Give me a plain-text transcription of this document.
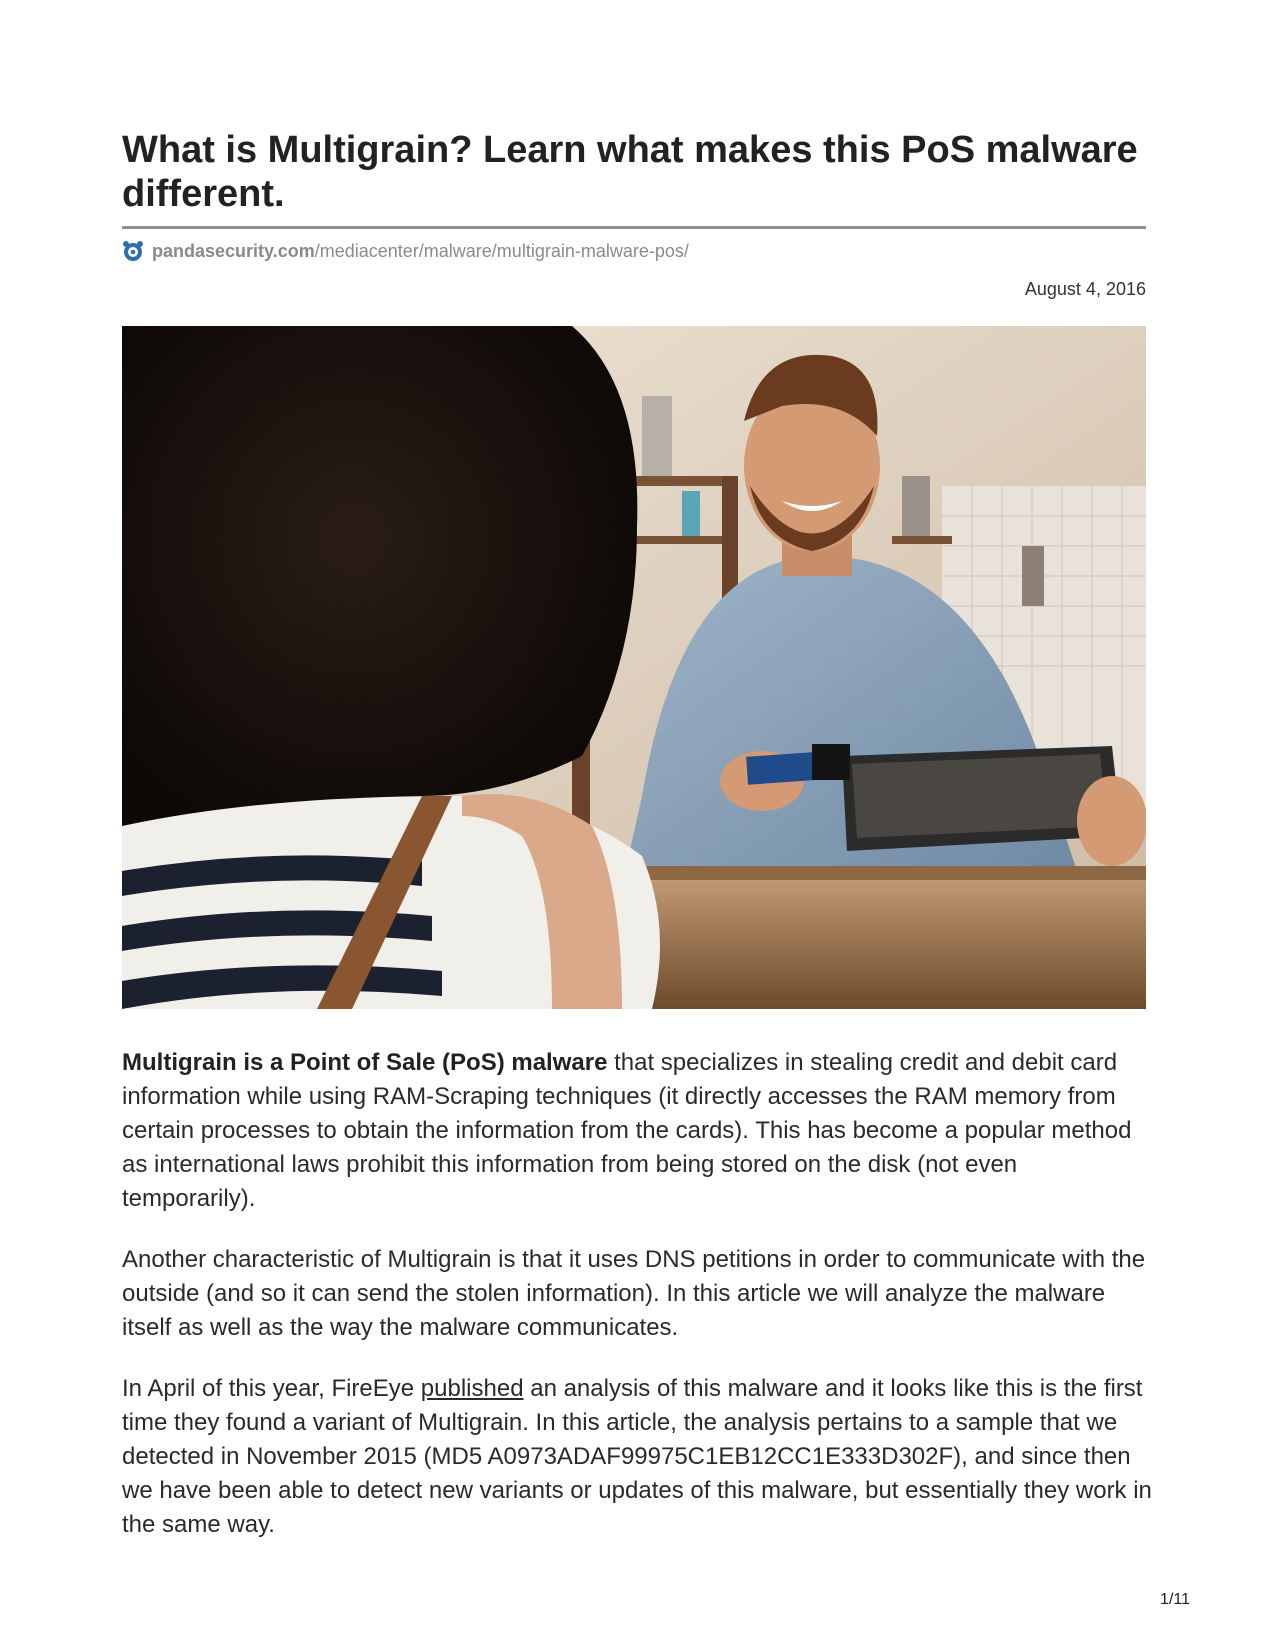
What is Multigrain? Learn what makes this PoS malware different.
pandasecurity.com /mediacenter/malware/multigrain-malware-pos/
August 4, 2016

Multigrain is a Point of Sale (PoS) malware that specializes in stealing credit and debit card information while using RAM-Scraping techniques (it directly accesses the RAM memory from certain processes to obtain the information from the cards). This has become a popular method as international laws prohibit this information from being stored on the disk (not even temporarily).

Another characteristic of Multigrain is that it uses DNS petitions in order to communicate with the outside (and so it can send the stolen information). In this article we will analyze the malware itself as well as the way the malware communicates.

In April of this year, FireEye published an analysis of this malware and it looks like this is the first time they found a variant of Multigrain. In this article, the analysis pertains to a sample that we detected in November 2015 (MD5 A0973ADAF99975C1EB12CC1E333D302F), and since then we have been able to detect new variants or updates of this malware, but essentially they work in the same way.

1/11
